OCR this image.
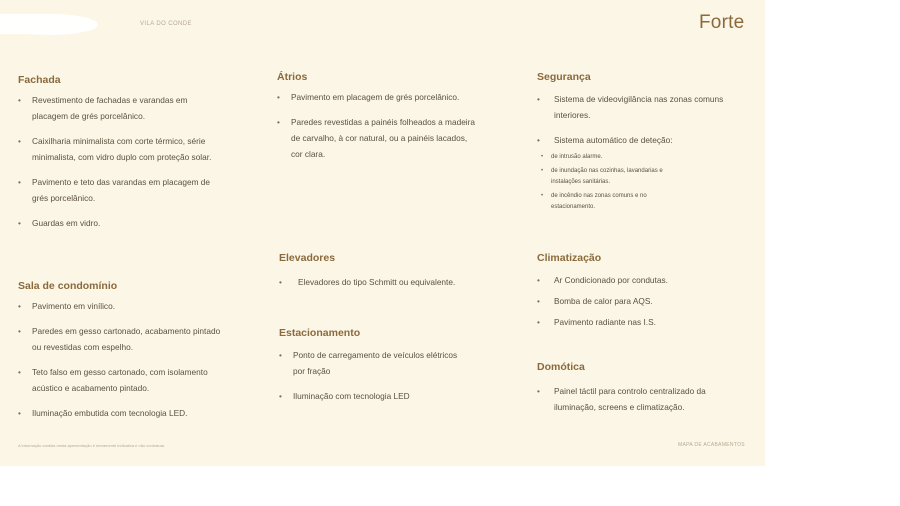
VILA DO CONDE	Forte
Fachada
• Revestimento de fachadas e varandas em placagem de grés porcelânico.
• Caixilharia minimalista com corte térmico, série minimalista, com vidro duplo com proteção solar.
• Pavimento e teto das varandas em placagem de grés porcelânico.
• Guardas em vidro.
Sala de condomínio
• Pavimento em vinílico.
• Paredes em gesso cartonado, acabamento pintado ou revestidas com espelho.
• Teto falso em gesso cartonado, com isolamento acústico e acabamento pintado.
• Iluminação embutida com tecnologia LED.
Átrios
• Pavimento em placagem de grés porcelânico.
• Paredes revestidas a painéis folheados a madeira de carvalho, à cor natural, ou a painéis lacados, cor clara.
Elevadores
• Elevadores do tipo Schmitt ou equivalente.
Estacionamento
• Ponto de carregamento de veículos elétricos por fração
• Iluminação com tecnologia LED
Segurança
• Sistema de videovigilância nas zonas comuns interiores.
• Sistema automático de deteção:
• de intrusão alarme.
• de inundação nas cozinhas, lavandarias e instalações sanitárias.
• de incêndio nas zonas comuns e no estacionamento.
Climatização
• Ar Condicionado por condutas.
• Bomba de calor para AQS.
• Pavimento radiante nas I.S.
Domótica
• Painel táctil para controlo centralizado da iluminação, screens e climatização.
A informação contida nesta apresentação é meramente indicativa e não contratual.	MAPA DE ACABAMENTOS
